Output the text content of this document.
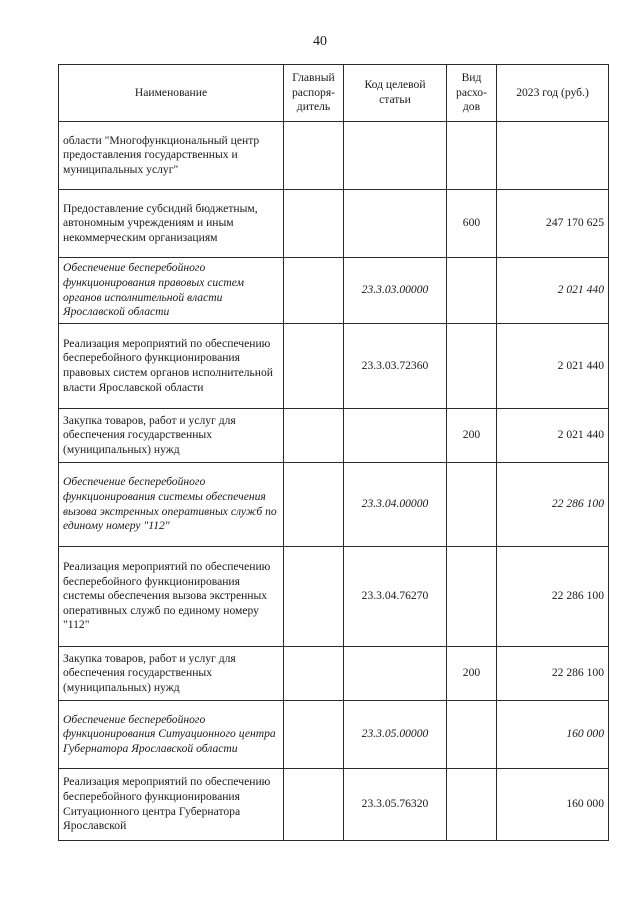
40
Наименование	Главный распоря-дитель	Код целевой статьи	Вид расхо-дов	2023 год (руб.)
области "Многофункциональный центр предоставления государственных и муниципальных услуг"				
Предоставление субсидий бюджетным, автономным учреждениям и иным некоммерческим организациям			600	247 170 625
Обеспечение бесперебойного функционирования правовых систем органов исполнительной власти Ярославской области		23.3.03.00000		2 021 440
Реализация мероприятий по обеспечению бесперебойного функционирования правовых систем органов исполнительной власти Ярославской области		23.3.03.72360		2 021 440
Закупка товаров, работ и услуг для обеспечения государственных (муниципальных) нужд			200	2 021 440
Обеспечение бесперебойного функционирования системы обеспечения вызова экстренных оперативных служб по единому номеру "112"		23.3.04.00000		22 286 100
Реализация мероприятий по обеспечению бесперебойного функционирования системы обеспечения вызова экстренных оперативных служб по единому номеру "112"		23.3.04.76270		22 286 100
Закупка товаров, работ и услуг для обеспечения государственных (муниципальных) нужд			200	22 286 100
Обеспечение бесперебойного функционирования Ситуационного центра Губернатора Ярославской области		23.3.05.00000		160 000
Реализация мероприятий по обеспечению бесперебойного функционирования Ситуационного центра Губернатора Ярославской		23.3.05.76320		160 000
